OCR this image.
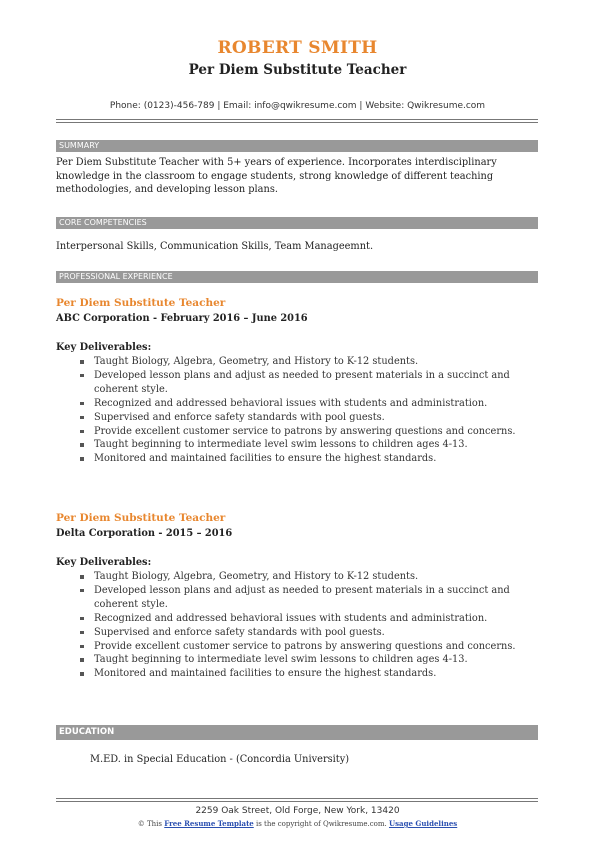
ROBERT SMITH
Per Diem Substitute Teacher
Phone: (0123)-456-789 | Email: info@qwikresume.com | Website: Qwikresume.com
SUMMARY
Per Diem Substitute Teacher with 5+ years of experience. Incorporates interdisciplinary knowledge in the classroom to engage students, strong knowledge of different teaching methodologies, and developing lesson plans.
CORE COMPETENCIES
Interpersonal Skills, Communication Skills, Team Manageemnt.
PROFESSIONAL EXPERIENCE
Per Diem Substitute Teacher
ABC Corporation - February 2016 – June 2016
Key Deliverables:
Taught Biology, Algebra, Geometry, and History to K-12 students.
Developed lesson plans and adjust as needed to present materials in a succinct and coherent style.
Recognized and addressed behavioral issues with students and administration.
Supervised and enforce safety standards with pool guests.
Provide excellent customer service to patrons by answering questions and concerns.
Taught beginning to intermediate level swim lessons to children ages 4-13.
Monitored and maintained facilities to ensure the highest standards.
Per Diem Substitute Teacher
Delta Corporation - 2015 – 2016
Key Deliverables:
Taught Biology, Algebra, Geometry, and History to K-12 students.
Developed lesson plans and adjust as needed to present materials in a succinct and coherent style.
Recognized and addressed behavioral issues with students and administration.
Supervised and enforce safety standards with pool guests.
Provide excellent customer service to patrons by answering questions and concerns.
Taught beginning to intermediate level swim lessons to children ages 4-13.
Monitored and maintained facilities to ensure the highest standards.
EDUCATION
M.ED. in Special Education - (Concordia University)
2259 Oak Street, Old Forge, New York, 13420
© This Free Resume Template is the copyright of Qwikresume.com. Usage Guidelines
